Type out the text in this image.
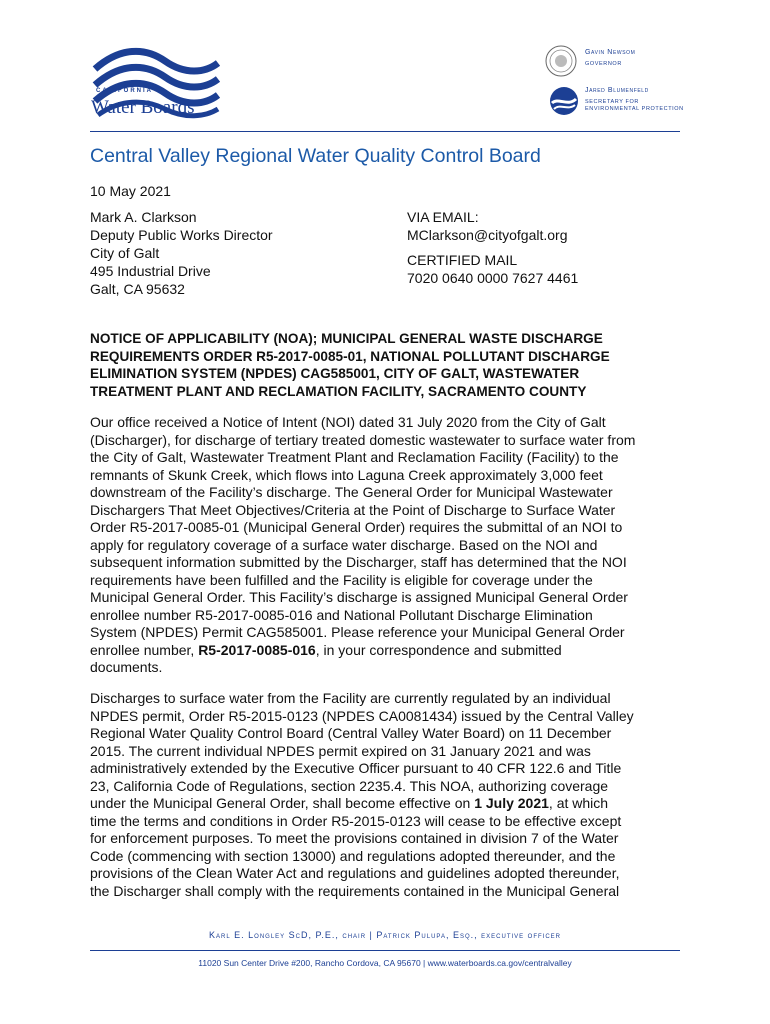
CALIFORNIA
Water Boards
Gavin Newsom
GOVERNOR
Jared Blumenfeld
SECRETARY FOR
ENVIRONMENTAL PROTECTION
Central Valley Regional Water Quality Control Board
10 May 2021
Mark A. Clarkson
Deputy Public Works Director
City of Galt
495 Industrial Drive
Galt, CA 95632
VIA EMAIL:
MClarkson@cityofgalt.org
CERTIFIED MAIL
7020 0640 0000 7627 4461
NOTICE OF APPLICABILITY (NOA); MUNICIPAL GENERAL WASTE DISCHARGE
REQUIREMENTS ORDER R5-2017-0085-01, NATIONAL POLLUTANT DISCHARGE
ELIMINATION SYSTEM (NPDES) CAG585001, CITY OF GALT, WASTEWATER
TREATMENT PLANT AND RECLAMATION FACILITY, SACRAMENTO COUNTY
Our office received a Notice of Intent (NOI) dated 31 July 2020 from the City of Galt
(Discharger), for discharge of tertiary treated domestic wastewater to surface water from
the City of Galt, Wastewater Treatment Plant and Reclamation Facility (Facility) to the
remnants of Skunk Creek, which flows into Laguna Creek approximately 3,000 feet
downstream of the Facility’s discharge. The General Order for Municipal Wastewater
Dischargers That Meet Objectives/Criteria at the Point of Discharge to Surface Water
Order R5-2017-0085-01 (Municipal General Order) requires the submittal of an NOI to
apply for regulatory coverage of a surface water discharge. Based on the NOI and
subsequent information submitted by the Discharger, staff has determined that the NOI
requirements have been fulfilled and the Facility is eligible for coverage under the
Municipal General Order. This Facility’s discharge is assigned Municipal General Order
enrollee number R5-2017-0085-016 and National Pollutant Discharge Elimination
System (NPDES) Permit CAG585001. Please reference your Municipal General Order
enrollee number, R5-2017-0085-016, in your correspondence and submitted
documents.
Discharges to surface water from the Facility are currently regulated by an individual
NPDES permit, Order R5-2015-0123 (NPDES CA0081434) issued by the Central Valley
Regional Water Quality Control Board (Central Valley Water Board) on 11 December
2015. The current individual NPDES permit expired on 31 January 2021 and was
administratively extended by the Executive Officer pursuant to 40 CFR 122.6 and Title
23, California Code of Regulations, section 2235.4. This NOA, authorizing coverage
under the Municipal General Order, shall become effective on 1 July 2021, at which
time the terms and conditions in Order R5-2015-0123 will cease to be effective except
for enforcement purposes. To meet the provisions contained in division 7 of the Water
Code (commencing with section 13000) and regulations adopted thereunder, and the
provisions of the Clean Water Act and regulations and guidelines adopted thereunder,
the Discharger shall comply with the requirements contained in the Municipal General
Karl E. Longley ScD, P.E., chair | Patrick Pulupa, Esq., executive officer
11020 Sun Center Drive #200, Rancho Cordova, CA 95670 | www.waterboards.ca.gov/centralvalley
